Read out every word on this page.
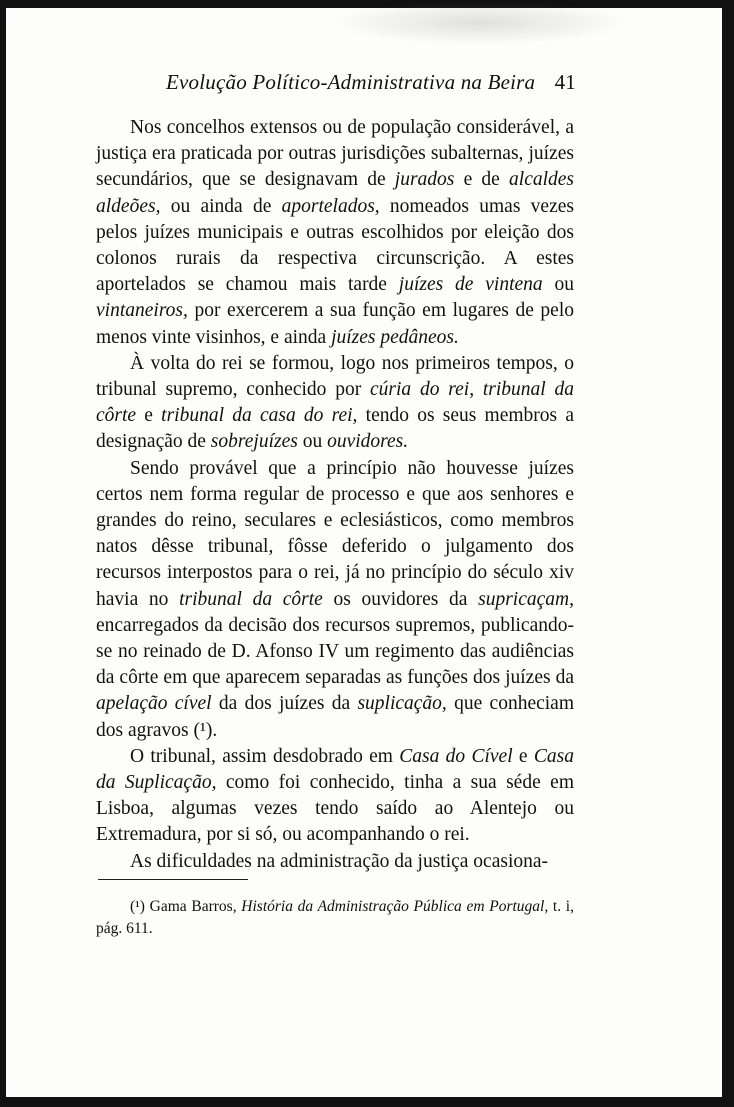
Evolução Político-Administrativa na Beira 41

Nos concelhos extensos ou de população considerável, a justiça era praticada por outras jurisdições subalternas, juízes secundários, que se designavam de jurados e de alcaldes aldeões, ou ainda de aportelados, nomeados umas vezes pelos juízes municipais e outras escolhidos por eleição dos colonos rurais da respectiva circunscrição. A estes aportelados se chamou mais tarde juízes de vintena ou vintaneiros, por exercerem a sua função em lugares de pelo menos vinte visinhos, e ainda juízes pedâneos.

À volta do rei se formou, logo nos primeiros tempos, o tribunal supremo, conhecido por cúria do rei, tribunal da côrte e tribunal da casa do rei, tendo os seus membros a designação de sobrejuízes ou ouvidores.

Sendo provável que a princípio não houvesse juízes certos nem forma regular de processo e que aos senhores e grandes do reino, seculares e eclesiásticos, como membros natos dêsse tribunal, fôsse deferido o julgamento dos recursos interpostos para o rei, já no princípio do século xiv havia no tribunal da côrte os ouvidores da supricaçam, encarregados da decisão dos recursos supremos, publicando-se no reinado de D. Afonso IV um regimento das audiências da côrte em que aparecem separadas as funções dos juízes da apelação cível da dos juízes da suplicação, que conheciam dos agravos (¹).

O tribunal, assim desdobrado em Casa do Cível e Casa da Suplicação, como foi conhecido, tinha a sua séde em Lisboa, algumas vezes tendo saído ao Alentejo ou Extremadura, por si só, ou acompanhando o rei.

As dificuldades na administração da justiça ocasiona-

(¹) Gama Barros, História da Administração Pública em Portugal, t. i, pág. 611.
